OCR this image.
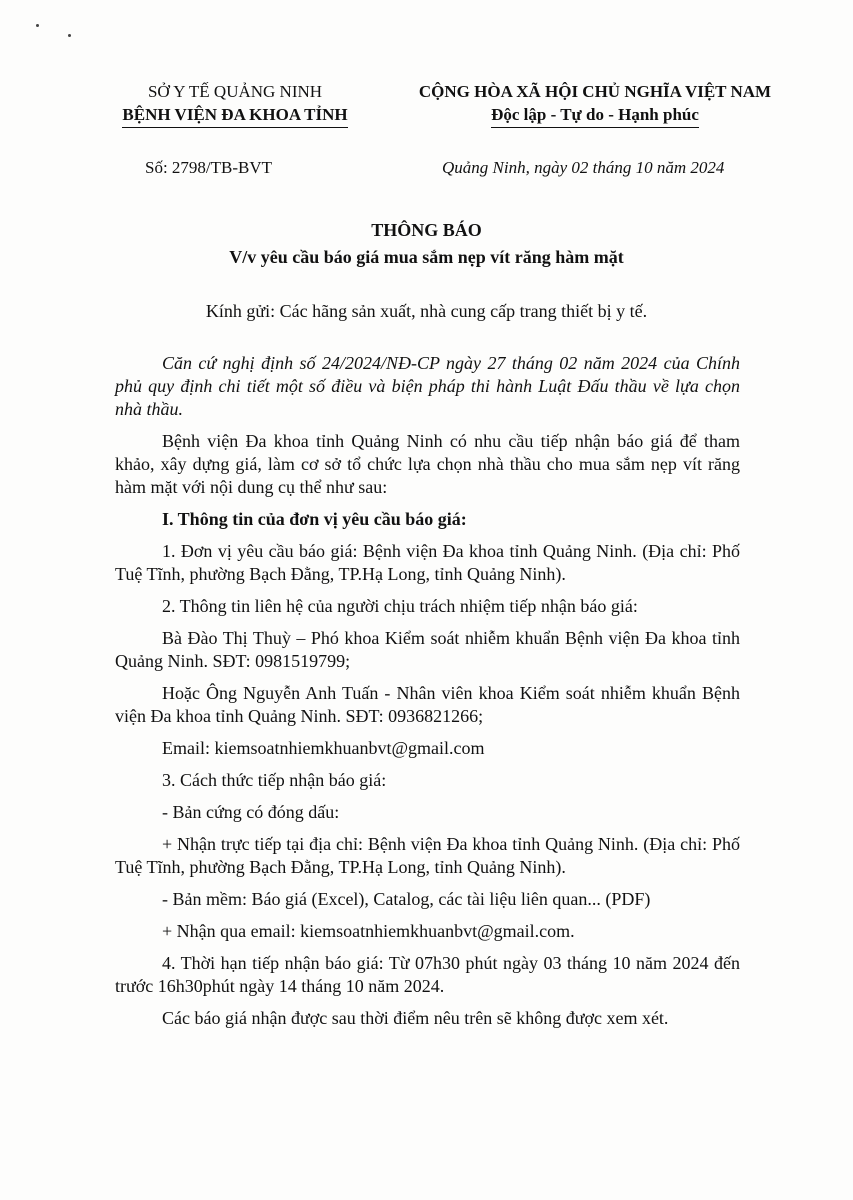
SỞ Y TẾ QUẢNG NINH
BỆNH VIỆN ĐA KHOA TỈNH
CỘNG HÒA XÃ HỘI CHỦ NGHĨA VIỆT NAM
Độc lập - Tự do - Hạnh phúc
Số: 2798/TB-BVT	Quảng Ninh, ngày 02 tháng 10 năm 2024
THÔNG BÁO
V/v yêu cầu báo giá mua sắm nẹp vít răng hàm mặt
Kính gửi: Các hãng sản xuất, nhà cung cấp trang thiết bị y tế.

Căn cứ nghị định số 24/2024/NĐ-CP ngày 27 tháng 02 năm 2024 của Chính phủ quy định chi tiết một số điều và biện pháp thi hành Luật Đấu thầu về lựa chọn nhà thầu.

Bệnh viện Đa khoa tỉnh Quảng Ninh có nhu cầu tiếp nhận báo giá để tham khảo, xây dựng giá, làm cơ sở tổ chức lựa chọn nhà thầu cho mua sắm nẹp vít răng hàm mặt với nội dung cụ thể như sau:

I. Thông tin của đơn vị yêu cầu báo giá:

1. Đơn vị yêu cầu báo giá: Bệnh viện Đa khoa tỉnh Quảng Ninh. (Địa chỉ: Phố Tuệ Tĩnh, phường Bạch Đằng, TP.Hạ Long, tỉnh Quảng Ninh).

2. Thông tin liên hệ của người chịu trách nhiệm tiếp nhận báo giá:

Bà Đào Thị Thuỳ – Phó khoa Kiểm soát nhiễm khuẩn Bệnh viện Đa khoa tỉnh Quảng Ninh. SĐT: 0981519799;

Hoặc Ông Nguyễn Anh Tuấn - Nhân viên khoa Kiểm soát nhiễm khuẩn Bệnh viện Đa khoa tỉnh Quảng Ninh. SĐT: 0936821266;

Email: kiemsoatnhiemkhuanbvt@gmail.com

3. Cách thức tiếp nhận báo giá:

- Bản cứng có đóng dấu:

+ Nhận trực tiếp tại địa chỉ: Bệnh viện Đa khoa tỉnh Quảng Ninh. (Địa chỉ: Phố Tuệ Tĩnh, phường Bạch Đằng, TP.Hạ Long, tỉnh Quảng Ninh).

- Bản mềm: Báo giá (Excel), Catalog, các tài liệu liên quan... (PDF)

+ Nhận qua email: kiemsoatnhiemkhuanbvt@gmail.com.

4. Thời hạn tiếp nhận báo giá: Từ 07h30 phút ngày 03 tháng 10 năm 2024 đến trước 16h30phút ngày 14 tháng 10 năm 2024.

Các báo giá nhận được sau thời điểm nêu trên sẽ không được xem xét.
